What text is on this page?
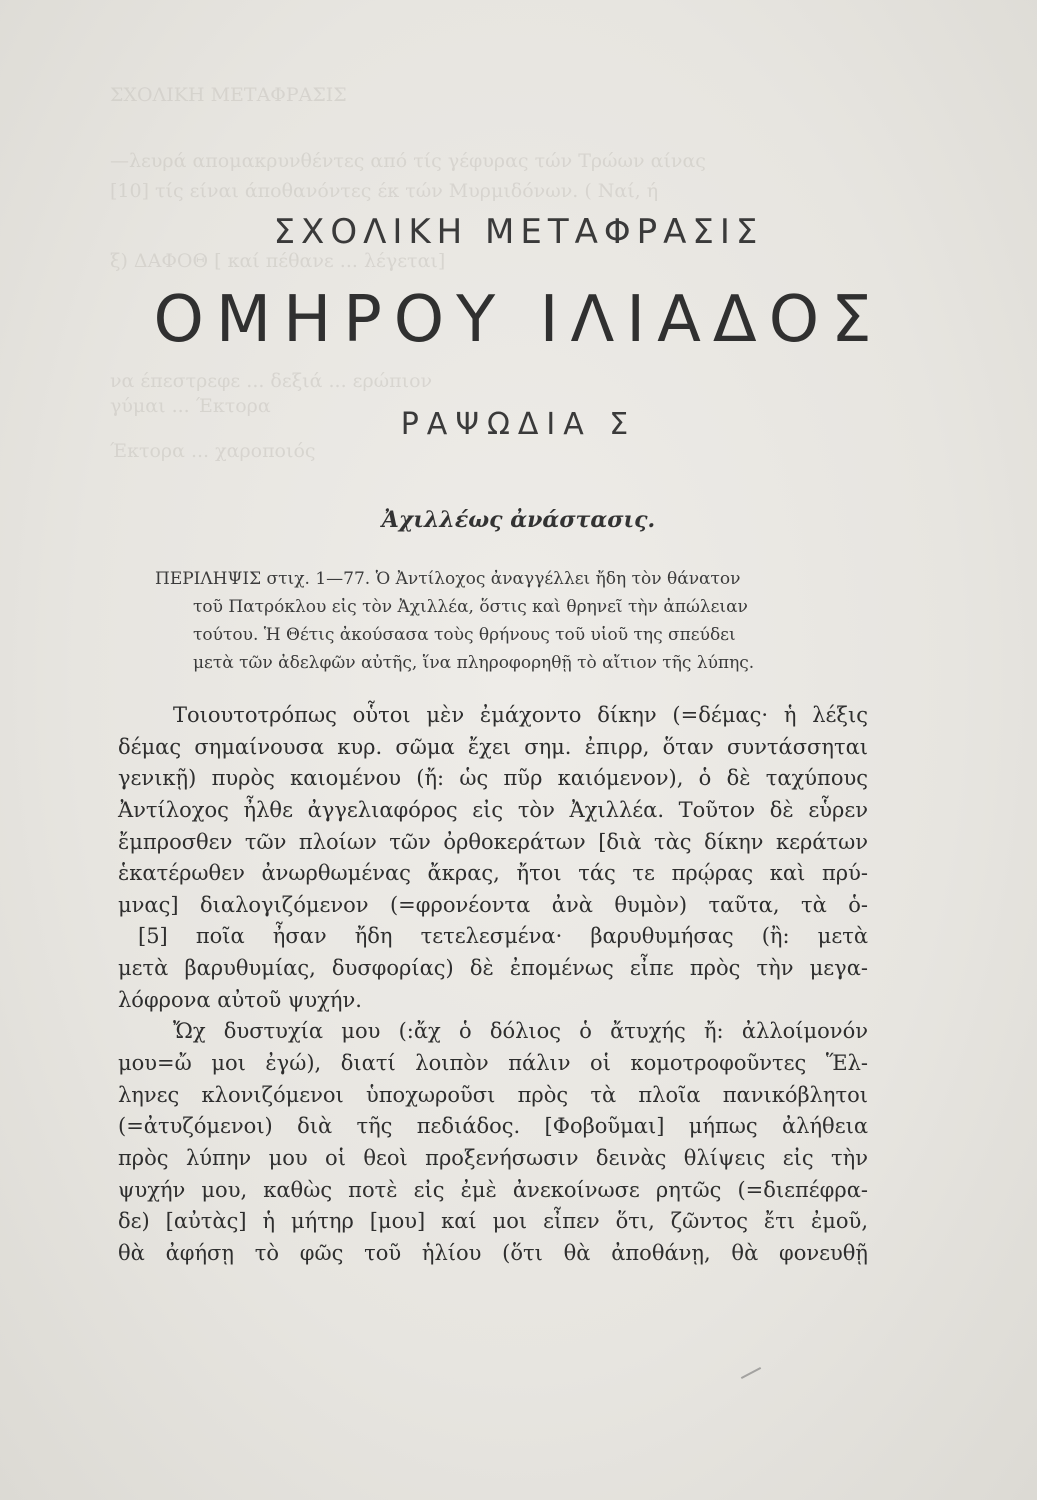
ΣΧΟΛΙΚΗ ΜΕΤΑΦΡΑΣΙΣ
—λευρά απομακρυνθέντες από τίς γέφυρας τών Τρώων αίνας
[10] τίς είναι άποθανόντες έκ τών Μυρμιδόνων. ( Ναί, ή
ξ) ΔΑΦΟΘ [ καί πέθανε ... λέγεται]
να έπεστρεφε ... δεξιά ... ερώπιον
γύμαι ... Έκτορα
Έκτορα ... χαροποιός
ΣΧΟΛΙΚΗ ΜΕΤΑΦΡΑΣΙΣ
ΟΜΗΡΟΥ ΙΛΙΑΔΟΣ
ΡΑΨΩΔΙΑ Σ
Ἀχιλλέως ἀνάστασις.
ΠΕΡΙΛΗΨΙΣ στιχ. 1—77. Ὁ Ἀντίλοχος ἀναγγέλλει ἤδη τὸν θάνατον
τοῦ Πατρόκλου εἰς τὸν Ἀχιλλέα, ὅστις καὶ θρηνεῖ τὴν ἀπώλειαν
τούτου. Ἡ Θέτις ἀκούσασα τοὺς θρήνους τοῦ υἱοῦ της σπεύδει
μετὰ τῶν ἀδελφῶν αὐτῆς, ἵνα πληροφορηθῇ τὸ αἴτιον τῆς λύπης.
Τοιουτοτρόπως οὗτοι μὲν ἐμάχοντο δίκην (=δέμας· ἡ λέξις
δέμας σημαίνουσα κυρ. σῶμα ἔχει σημ. ἐπιρρ, ὅταν συντάσσηται
γενικῇ) πυρὸς καιομένου (ἤ: ὡς πῦρ καιόμενον), ὁ δὲ ταχύπους
Ἀντίλοχος ἦλθε ἀγγελιαφόρος εἰς τὸν Ἀχιλλέα. Τοῦτον δὲ εὗρεν
ἔμπροσθεν τῶν πλοίων τῶν ὀρθοκεράτων [διὰ τὰς δίκην κεράτων
ἑκατέρωθεν ἀνωρθωμένας ἄκρας, ἤτοι τάς τε πρῴρας καὶ πρύ-
μνας] διαλογιζόμενον (=φρονέοντα ἀνὰ θυμὸν) ταῦτα, τὰ ὁ-
[5] ποῖα ἦσαν ἤδη τετελεσμένα· βαρυθυμήσας (ἢ: μετὰ
μετὰ βαρυθυμίας, δυσφορίας) δὲ ἐπομένως εἶπε πρὸς τὴν μεγα-
λόφρονα αὐτοῦ ψυχήν.
Ὤχ δυστυχία μου (:ἄχ ὁ δόλιος ὁ ἄτυχής ἤ: ἀλλοίμονόν
μου=ὤ μοι ἐγώ), διατί λοιπὸν πάλιν οἱ κομοτροφοῦντες Ἕλ-
ληνες κλονιζόμενοι ὑποχωροῦσι πρὸς τὰ πλοῖα πανικόβλητοι
(=ἀτυζόμενοι) διὰ τῆς πεδιάδος. [Φοβοῦμαι] μήπως ἀλήθεια
πρὸς λύπην μου οἱ θεοὶ προξενήσωσιν δεινὰς θλίψεις εἰς τὴν
ψυχήν μου, καθὼς ποτὲ εἰς ἐμὲ ἀνεκοίνωσε ρητῶς (=διεπέφρα-
δε) [αὐτὰς] ἡ μήτηρ [μου] καί μοι εἶπεν ὅτι, ζῶντος ἔτι ἐμοῦ,
θὰ ἀφήσῃ τὸ φῶς τοῦ ἡλίου (ὅτι θὰ ἀποθάνῃ, θὰ φονευθῇ
